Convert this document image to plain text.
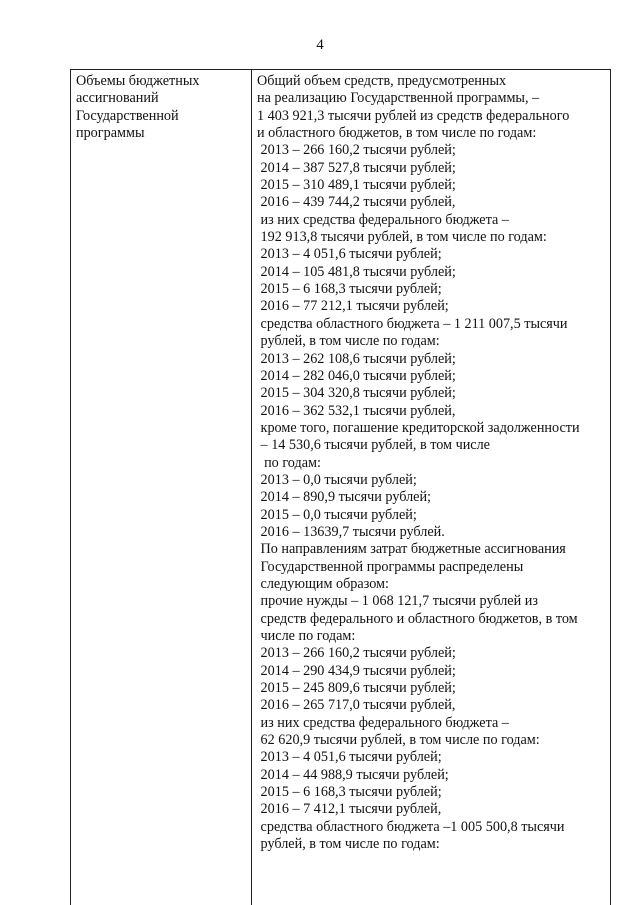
4
Объемы бюджетных
ассигнований
Государственной
программы
Общий объем средств, предусмотренных
на реализацию Государственной программы, –
1 403 921,3 тысячи рублей из средств федерального
и областного бюджетов, в том числе по годам:
2013 – 266 160,2 тысячи рублей;
2014 – 387 527,8 тысячи рублей;
2015 – 310 489,1 тысячи рублей;
2016 – 439 744,2 тысячи рублей,
из них средства федерального бюджета –
192 913,8 тысячи рублей, в том числе по годам:
2013 – 4 051,6 тысячи рублей;
2014 – 105 481,8 тысячи рублей;
2015 – 6 168,3 тысячи рублей;
2016 – 77 212,1 тысячи рублей;
средства областного бюджета – 1 211 007,5 тысячи
рублей, в том числе по годам:
2013 – 262 108,6 тысячи рублей;
2014 – 282 046,0 тысячи рублей;
2015 – 304 320,8 тысячи рублей;
2016 – 362 532,1 тысячи рублей,
кроме того, погашение кредиторской задолженности
– 14 530,6 тысячи рублей, в том числе
по годам:
2013 – 0,0 тысячи рублей;
2014 – 890,9 тысячи рублей;
2015 – 0,0 тысячи рублей;
2016 – 13639,7 тысячи рублей.
По направлениям затрат бюджетные ассигнования
Государственной программы распределены
следующим образом:
прочие нужды – 1 068 121,7 тысячи рублей из
средств федерального и областного бюджетов, в том
числе по годам:
2013 – 266 160,2 тысячи рублей;
2014 – 290 434,9 тысячи рублей;
2015 – 245 809,6 тысячи рублей;
2016 – 265 717,0 тысячи рублей,
из них средства федерального бюджета –
62 620,9 тысячи рублей, в том числе по годам:
2013 – 4 051,6 тысячи рублей;
2014 – 44 988,9 тысячи рублей;
2015 – 6 168,3 тысячи рублей;
2016 – 7 412,1 тысячи рублей,
средства областного бюджета –1 005 500,8 тысячи
рублей, в том числе по годам:
